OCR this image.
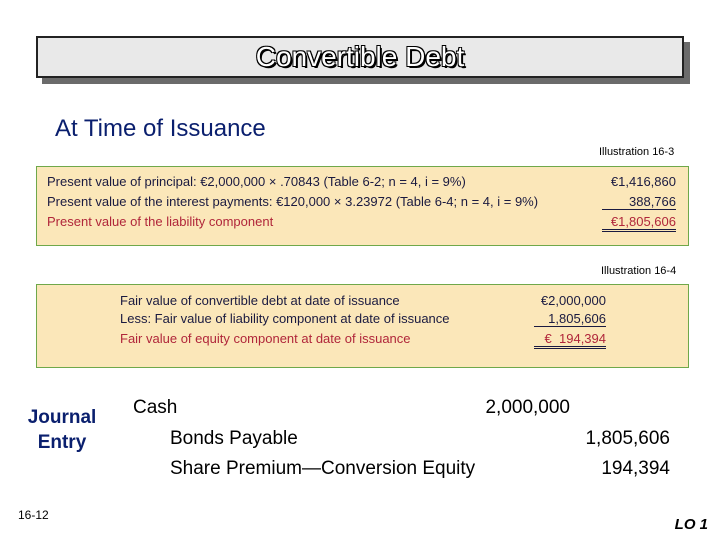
Convertible Debt
At Time of Issuance
Illustration 16-3
Present value of principal: €2,000,000 × .70843 (Table 6-2; n = 4, i = 9%)	€1,416,860
Present value of the interest payments: €120,000 × 3.23972 (Table 6-4; n = 4, i = 9%)	388,766
Present value of the liability component	€1,805,606
Illustration 16-4
Fair value of convertible debt at date of issuance	€2,000,000
Less: Fair value of liability component at date of issuance	1,805,606
Fair value of equity component at date of issuance	€  194,394
Journal
Entry
Cash	2,000,000
Bonds Payable	1,805,606
Share Premium—Conversion Equity	194,394
16-12
LO 1
